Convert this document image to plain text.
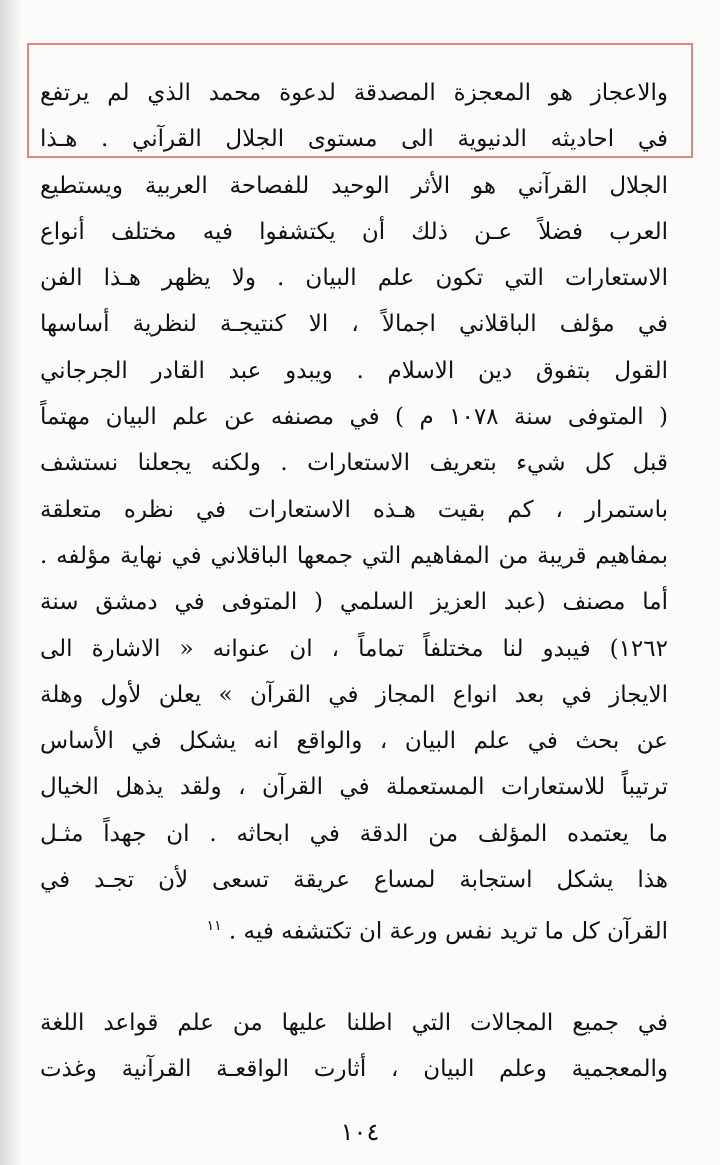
والاعجاز هو المعجزة المصدقة لدعوة محمد الذي لم يرتفع
في احاديثه الدنيوية الى مستوى الجلال القرآني . هـذا
الجلال القرآني هو الأثر الوحيد للفصاحة العربية ويستطيع
العرب فضلاً عـن ذلك أن يكتشفوا فيه مختلف أنواع
الاستعارات التي تكون علم البيان . ولا يظهر هـذا الفن
في مؤلف الباقلاني اجمالاً ، الا كنتيجـة لنظرية أساسها
القول بتفوق دين الاسلام . ويبدو عبد القادر الجرجاني
( المتوفى سنة ١٠٧٨ م ) في مصنفه عن علم البيان مهتماً
قبل كل شيء بتعريف الاستعارات . ولكنه يجعلنا نستشف
باستمرار ، كم بقيت هـذه الاستعارات في نظره متعلقة
بمفاهيم قريبة من المفاهيم التي جمعها الباقلاني في نهاية مؤلفه .
أما مصنف (عبد العزيز السلمي ( المتوفى في دمشق سنة
١٢٦٢) فيبدو لنا مختلفاً تماماً ، ان عنوانه « الاشارة الى
الايجاز في بعد انواع المجاز في القرآن » يعلن لأول وهلة
عن بحث في علم البيان ، والواقع انه يشكل في الأساس
ترتيباً للاستعارات المستعملة في القرآن ، ولقد يذهل الخيال
ما يعتمده المؤلف من الدقة في ابحاثه . ان جهداً مثـل
هذا يشكل استجابة لمساع عريقة تسعى لأن تجـد في
القرآن كل ما تريد نفس ورعة ان تكتشفه فيه . $^{١١}$
في جميع المجالات التي اطلنا عليها من علم قواعد اللغة
والمعجمية وعلم البيان ، أثارت الواقعـة القرآنية وغذت
١٠٤
